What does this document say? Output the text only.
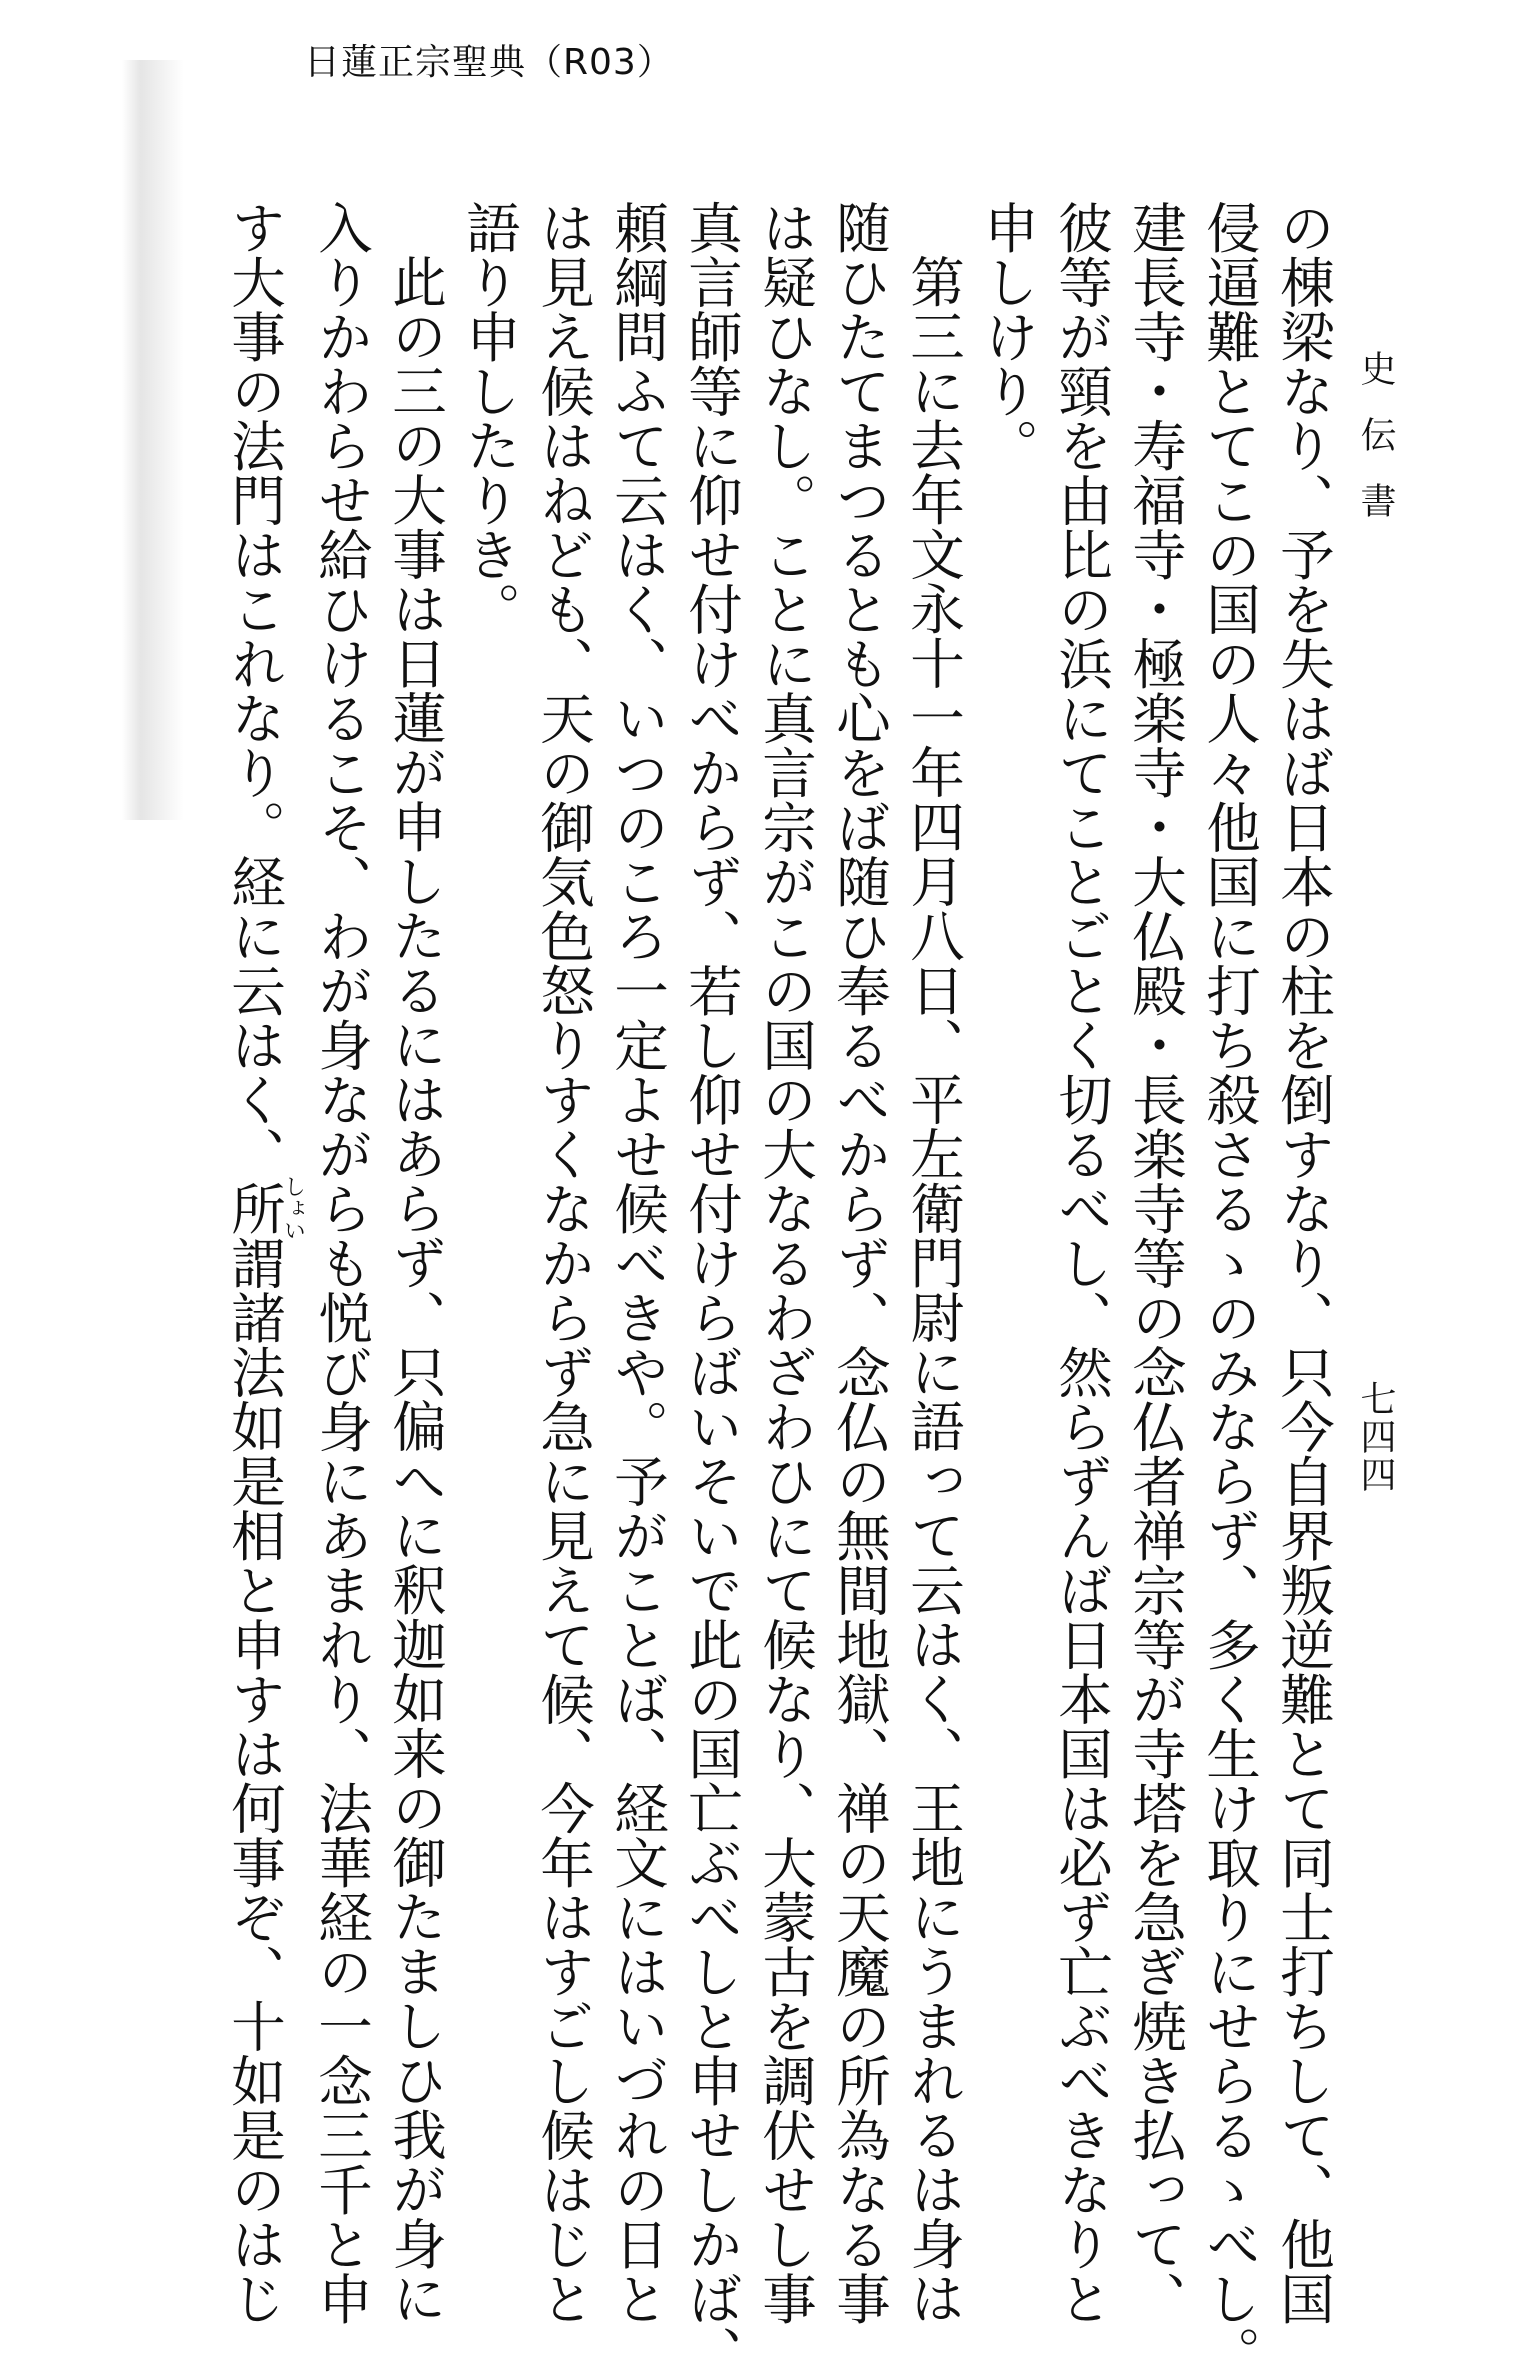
日蓮正宗聖典（R03）
史伝書
七四四
の棟梁なり、予を失はば日本の柱を倒すなり、只今自界叛逆難とて同士打ちして、他国
侵逼難とてこの国の人々他国に打ち殺さるゝのみならず、多く生け取りにせらるゝべし。
建長寺・寿福寺・極楽寺・大仏殿・長楽寺等の念仏者禅宗等が寺塔を急ぎ焼き払って、
彼等が頸を由比の浜にてことごとく切るべし、然らずんば日本国は必ず亡ぶべきなりと
申しけり。
第三に去年文永十一年四月八日、平左衛門尉に語って云はく、王地にうまれるは身は
随ひたてまつるとも心をば随ひ奉るべからず、念仏の無間地獄、禅の天魔の所為なる事
は疑ひなし。ことに真言宗がこの国の大なるわざわひにて候なり、大蒙古を調伏せし事
真言師等に仰せ付けべからず、若し仰せ付けらばいそいで此の国亡ぶべしと申せしかば、
頼綱問ふて云はく、いつのころ一定よせ候べきや。予がことば、経文にはいづれの日と
は見え候はねども、天の御気色怒りすくなからず急に見えて候、今年はすごし候はじと
語り申したりき。
此の三の大事は日蓮が申したるにはあらず、只偏へに釈迦如来の御たましひ我が身に
入りかわらせ給ひけるこそ、わが身ながらも悦び身にあまれり、法華経の一念三千と申
す大事の法門はこれなり。経に云はく、所しょい謂諸法如是相と申すは何事ぞ、十如是のはじ
